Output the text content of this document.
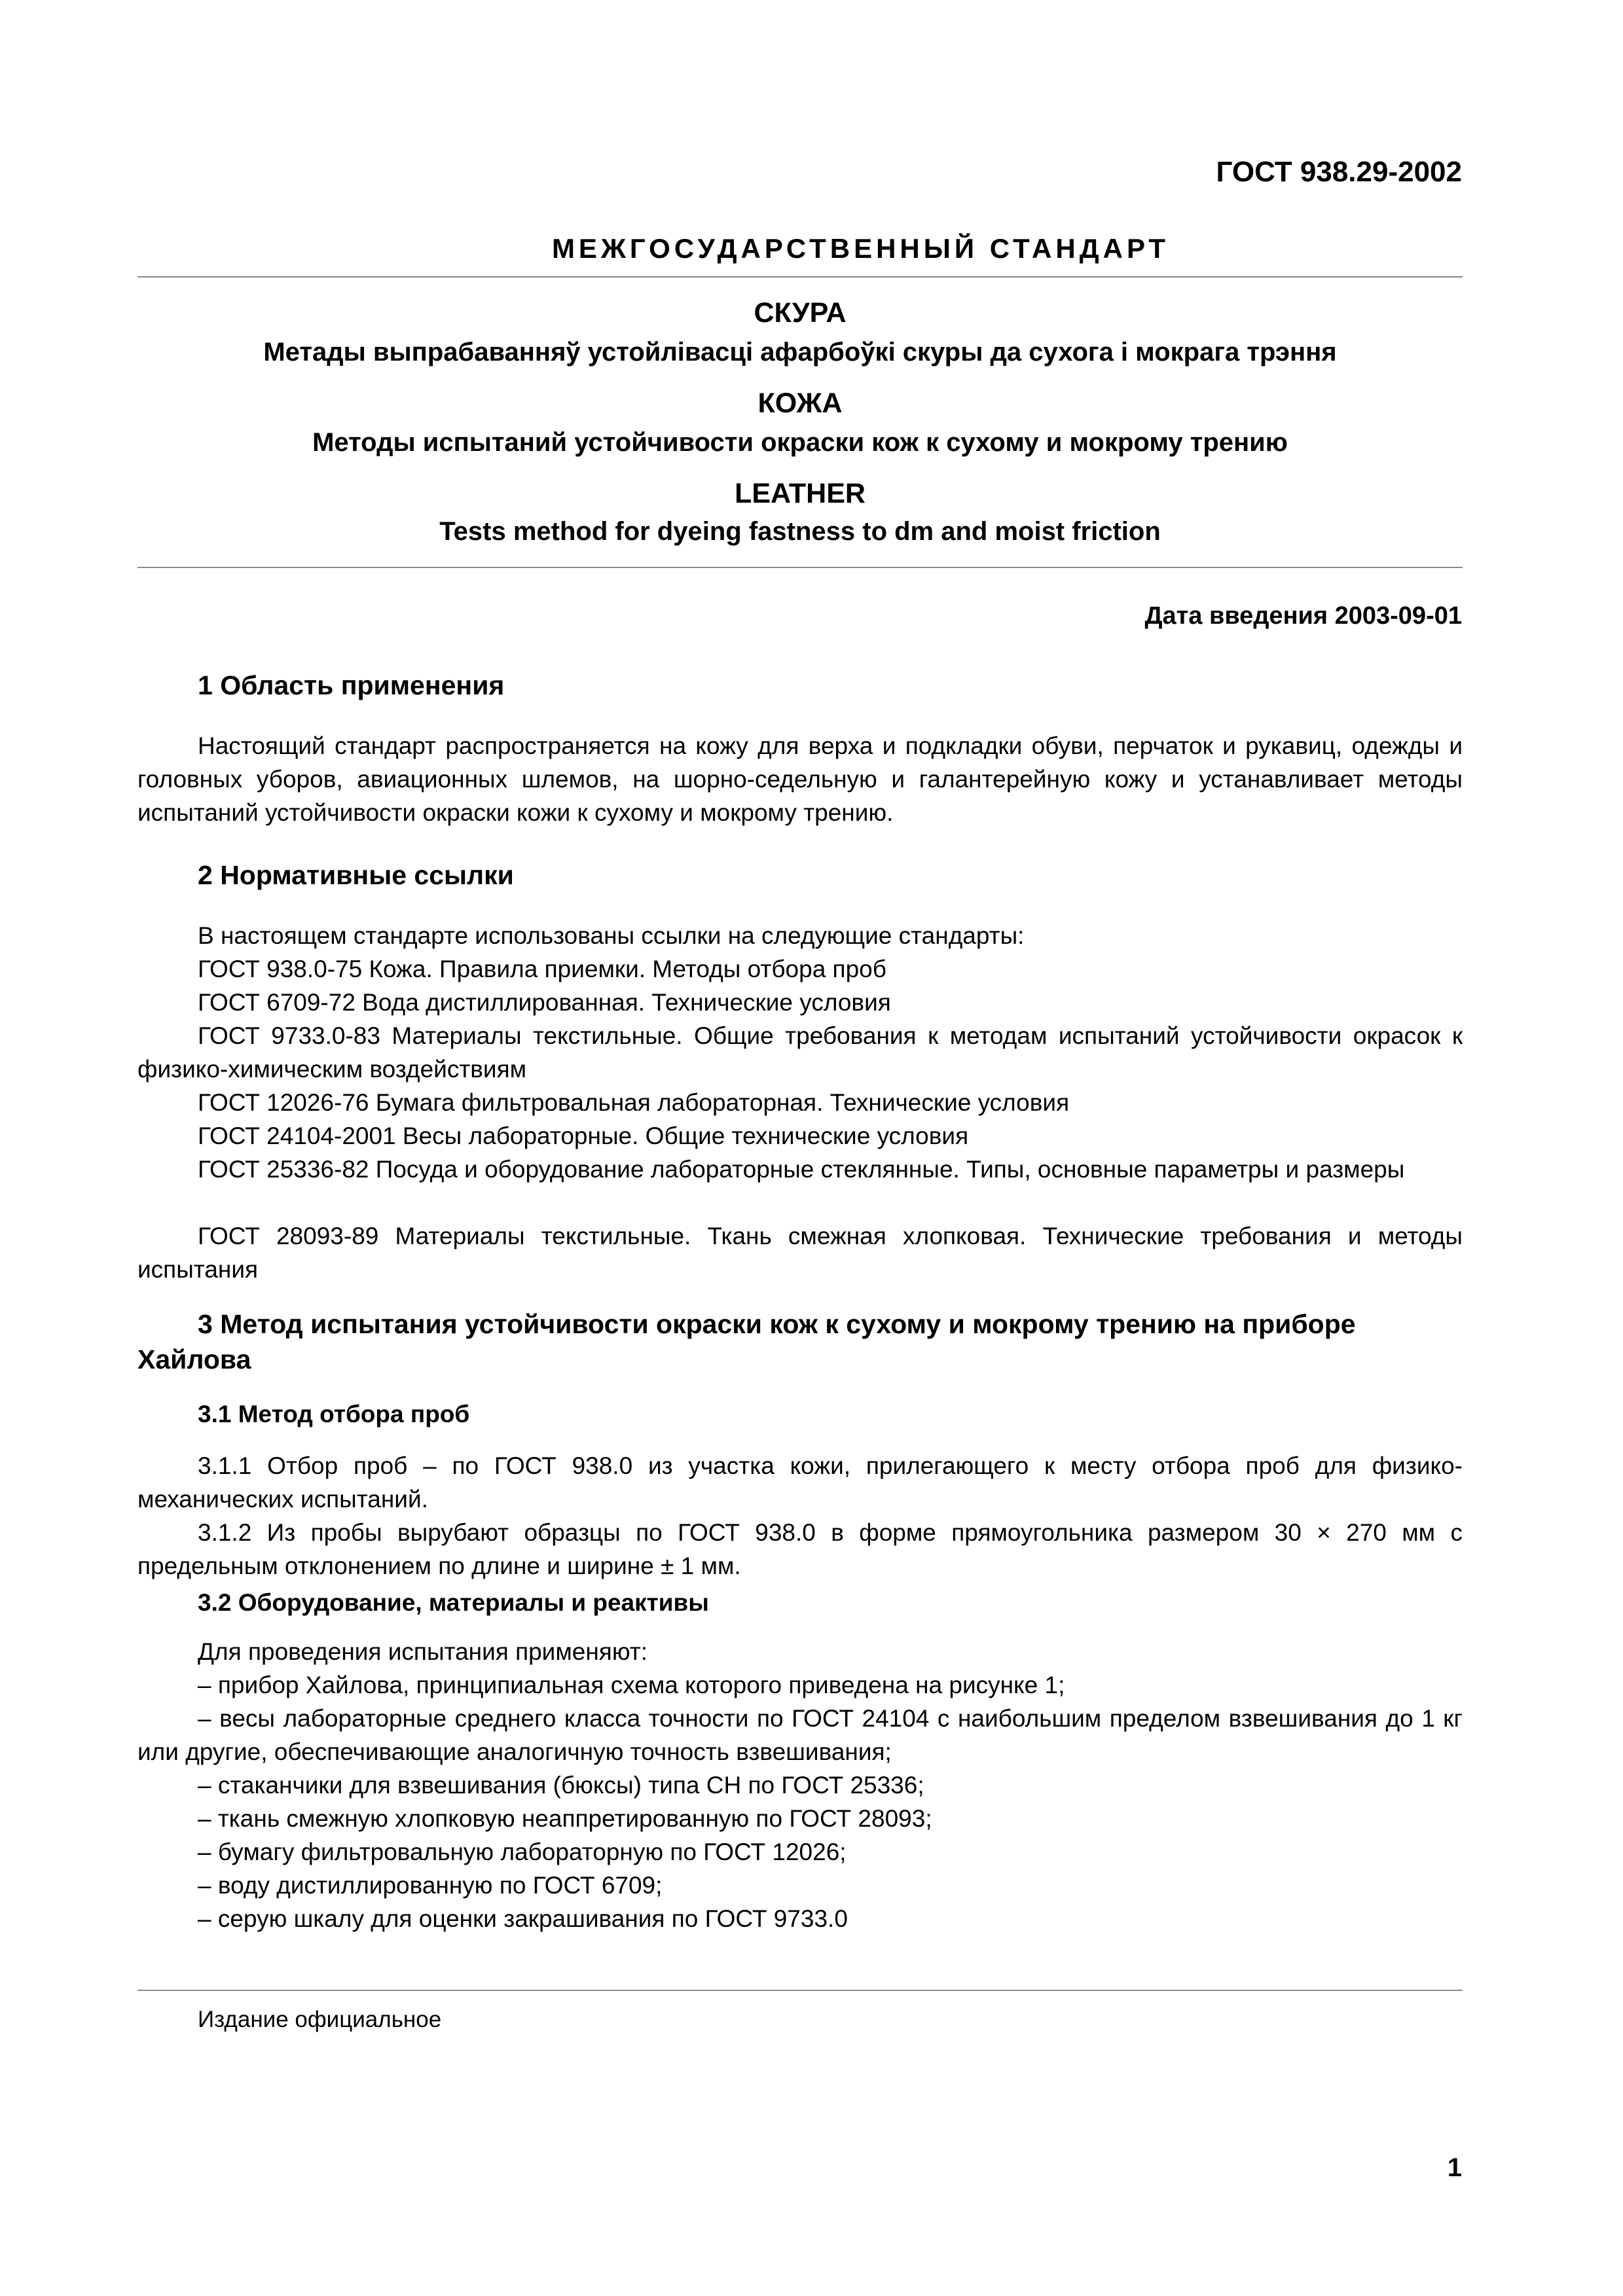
ГОСТ 938.29-2002
МЕЖГОСУДАРСТВЕННЫЙ СТАНДАРТ
СКУРА
Метады выпрабаванняў устойлівасці афарбоўкі скуры да сухога і мокрага трэння
КОЖА
Методы испытаний устойчивости окраски кож к сухому и мокрому трению
LEATHER
Tests method for dyeing fastness to dm and moist friction
Дата введения 2003-09-01
1 Область применения
Настоящий стандарт распространяется на кожу для верха и подкладки обуви, перчаток и рукавиц, одежды и головных уборов, авиационных шлемов, на шорно-седельную и галантерейную кожу и устанавливает методы испытаний устойчивости окраски кожи к сухому и мокрому трению.
2 Нормативные ссылки
В настоящем стандарте использованы ссылки на следующие стандарты:
ГОСТ 938.0-75 Кожа. Правила приемки. Методы отбора проб
ГОСТ 6709-72 Вода дистиллированная. Технические условия
ГОСТ 9733.0-83 Материалы текстильные. Общие требования к методам испытаний устойчивости окрасок к физико-химическим воздействиям
ГОСТ 12026-76 Бумага фильтровальная лабораторная. Технические условия
ГОСТ 24104-2001 Весы лабораторные. Общие технические условия
ГОСТ 25336-82 Посуда и оборудование лабораторные стеклянные. Типы, основные параметры и размеры
ГОСТ 28093-89 Материалы текстильные. Ткань смежная хлопковая. Технические требования и методы испытания
3 Метод испытания устойчивости окраски кож к сухому и мокрому трению на приборе Хайлова
3.1 Метод отбора проб
3.1.1 Отбор проб – по ГОСТ 938.0 из участка кожи, прилегающего к месту отбора проб для физико-механических испытаний.
3.1.2 Из пробы вырубают образцы по ГОСТ 938.0 в форме прямоугольника размером 30 × 270 мм с предельным отклонением по длине и ширине ± 1 мм.
3.2 Оборудование, материалы и реактивы
Для проведения испытания применяют:
– прибор Хайлова, принципиальная схема которого приведена на рисунке 1;
– весы лабораторные среднего класса точности по ГОСТ 24104 с наибольшим пределом взвешивания до 1 кг или другие, обеспечивающие аналогичную точность взвешивания;
– стаканчики для взвешивания (бюксы) типа СН по ГОСТ 25336;
– ткань смежную хлопковую неаппретированную по ГОСТ 28093;
– бумагу фильтровальную лабораторную по ГОСТ 12026;
– воду дистиллированную по ГОСТ 6709;
– серую шкалу для оценки закрашивания по ГОСТ 9733.0
Издание официальное
1
